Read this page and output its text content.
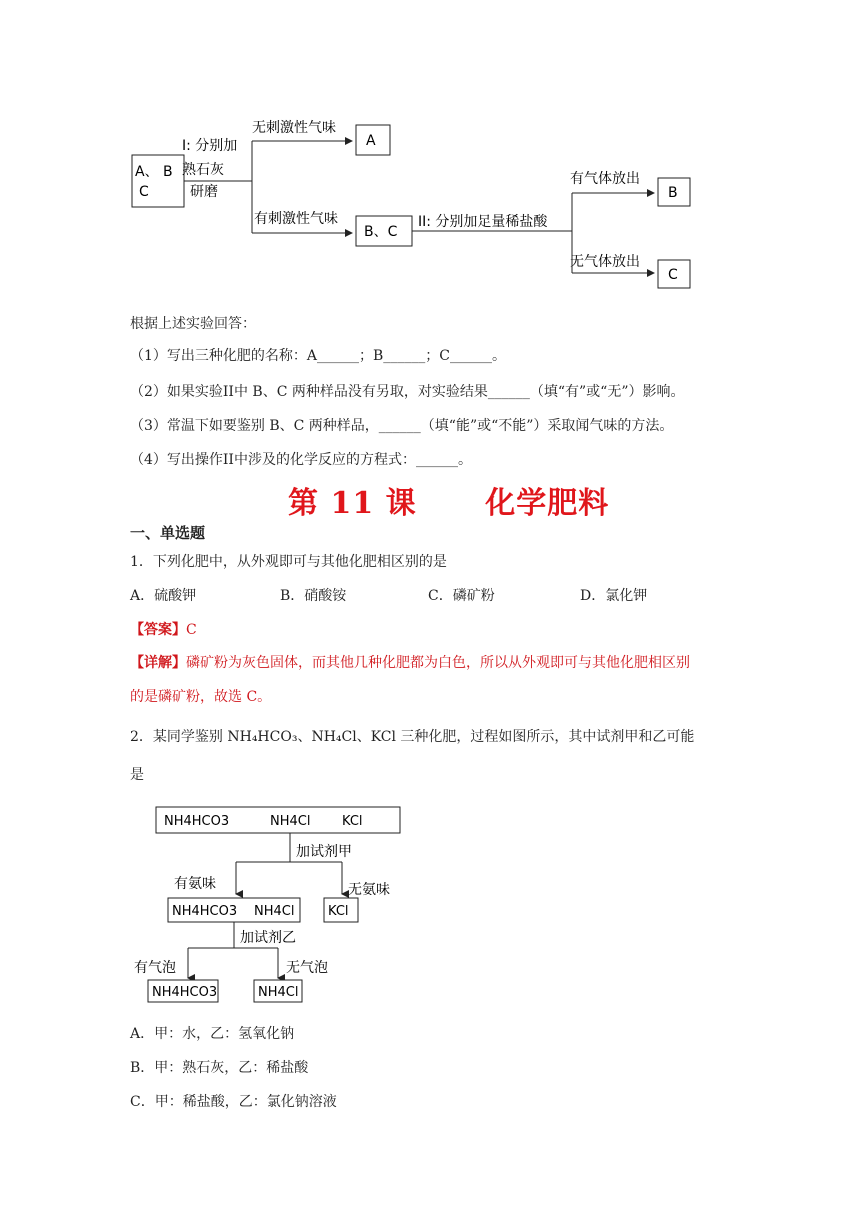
A、 B
C
I: 分别加
熟石灰
研磨
无刺激性气味
有刺激性气味
A
B、C
II: 分别加足量稀盐酸
有气体放出
无气体放出
B
C
根据上述实验回答：
（1）写出三种化肥的名称：A______；B______；C______。
（2）如果实验II中 B、C 两种样品没有另取，对实验结果______（填“有”或“无”）影响。
（3）常温下如要鉴别 B、C 两种样品，______（填“能”或“不能”）采取闻气味的方法。
（4）写出操作II中涉及的化学反应的方程式：______。
第 11 课      化学肥料
一、单选题
1．下列化肥中，从外观即可与其他化肥相区别的是
A．硫酸钾	B．硝酸铵	C．磷矿粉	D．氯化钾
【答案】C
【详解】磷矿粉为灰色固体，而其他几种化肥都为白色，所以从外观即可与其他化肥相区别
的是磷矿粉，故选 C。
2．某同学鉴别 NH₄HCO₃、NH₄Cl、KCl 三种化肥，过程如图所示，其中试剂甲和乙可能
是
NH4HCO3	NH4Cl KCl
加试剂甲
有氨味	无氨味
NH4HCO3 NH4Cl	KCl
加试剂乙
有气泡	无气泡
NH4HCO3	NH4Cl
A．甲：水，乙：氢氧化钠
B．甲：熟石灰，乙：稀盐酸
C．甲：稀盐酸，乙：氯化钠溶液
